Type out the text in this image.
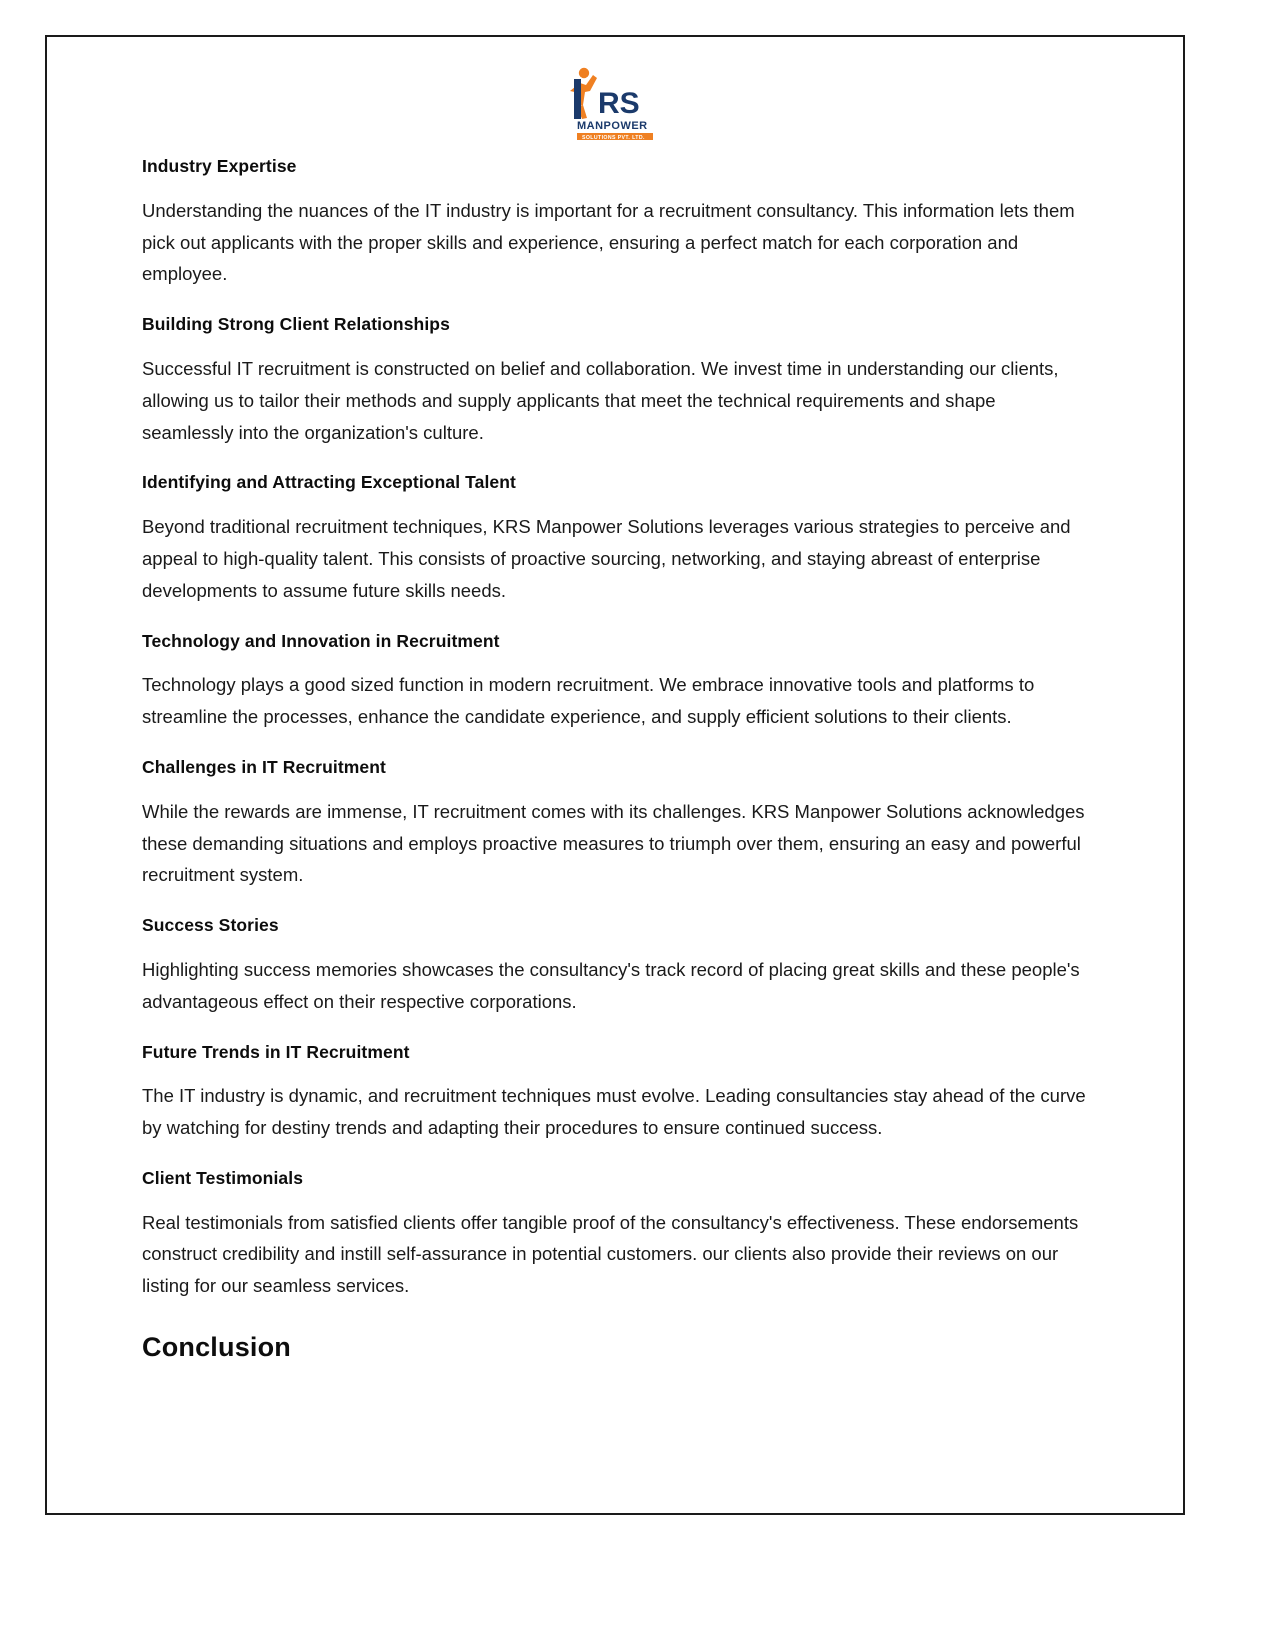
RS
MANPOWER
SOLUTIONS PVT. LTD.
Industry Expertise

Understanding the nuances of the IT industry is important for a recruitment consultancy. This information lets them pick out applicants with the proper skills and experience, ensuring a perfect match for each corporation and employee.

Building Strong Client Relationships

Successful IT recruitment is constructed on belief and collaboration. We invest time in understanding our clients, allowing us to tailor their methods and supply applicants that meet the technical requirements and shape seamlessly into the organization's culture.

Identifying and Attracting Exceptional Talent

Beyond traditional recruitment techniques, KRS Manpower Solutions leverages various strategies to perceive and appeal to high-quality talent. This consists of proactive sourcing, networking, and staying abreast of enterprise developments to assume future skills needs.

Technology and Innovation in Recruitment

Technology plays a good sized function in modern recruitment. We embrace innovative tools and platforms to streamline the processes, enhance the candidate experience, and supply efficient solutions to their clients.

Challenges in IT Recruitment

While the rewards are immense, IT recruitment comes with its challenges. KRS Manpower Solutions acknowledges these demanding situations and employs proactive measures to triumph over them, ensuring an easy and powerful recruitment system.

Success Stories

Highlighting success memories showcases the consultancy's track record of placing great skills and these people's advantageous effect on their respective corporations.

Future Trends in IT Recruitment

The IT industry is dynamic, and recruitment techniques must evolve. Leading consultancies stay ahead of the curve by watching for destiny trends and adapting their procedures to ensure continued success.

Client Testimonials

Real testimonials from satisfied clients offer tangible proof of the consultancy's effectiveness. These endorsements construct credibility and instill self-assurance in potential customers. our clients also provide their reviews on our listing for our seamless services.

Conclusion
